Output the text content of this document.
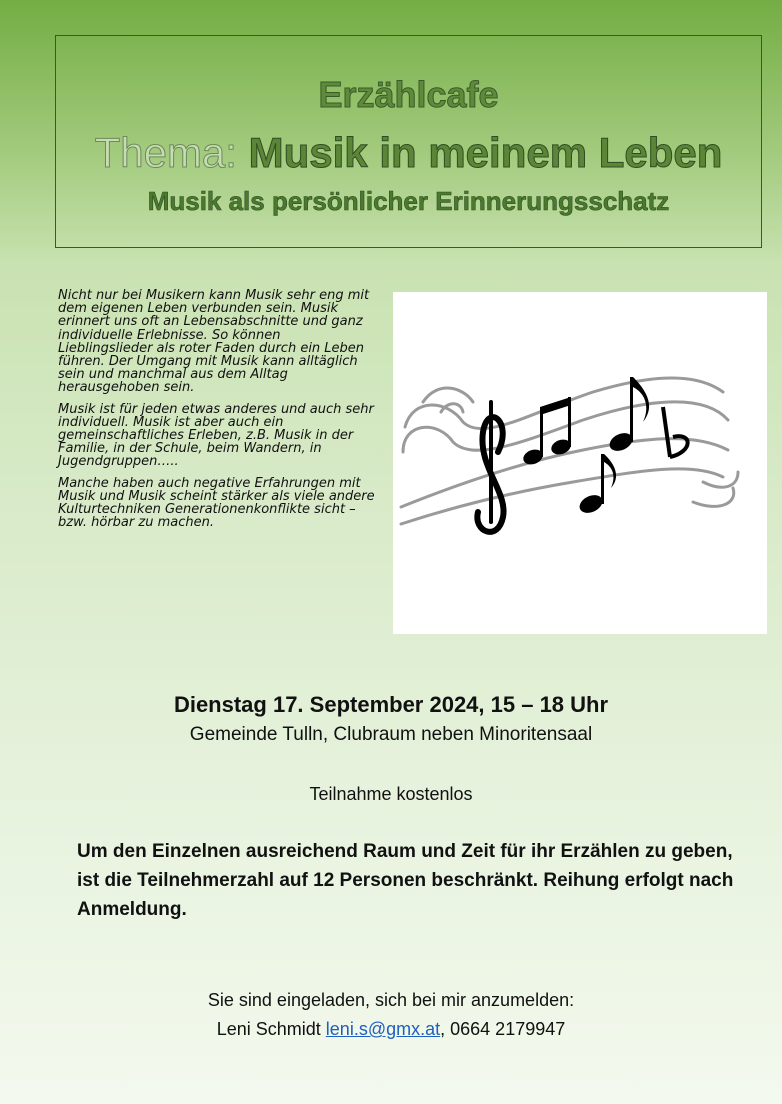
Erzählcafe
Thema: Musik in meinem Leben
Musik als persönlicher Erinnerungsschatz

Nicht nur bei Musikern kann Musik sehr eng mit dem eigenen Leben verbunden sein. Musik erinnert uns oft an Lebensabschnitte und ganz individuelle Erlebnisse. So können Lieblingslieder als roter Faden durch ein Leben führen. Der Umgang mit Musik kann alltäglich sein und manchmal aus dem Alltag herausgehoben sein.

Musik ist für jeden etwas anderes und auch sehr individuell. Musik ist aber auch ein gemeinschaftliches Erleben, z.B. Musik in der Familie, in der Schule, beim Wandern, in Jugendgruppen…..

Manche haben auch negative Erfahrungen mit Musik und Musik scheint stärker als viele andere Kulturtechniken Generationenkonflikte sicht – bzw. hörbar zu machen.

Dienstag 17. September 2024, 15 – 18 Uhr
Gemeinde Tulln, Clubraum neben Minoritensaal
Teilnahme kostenlos
Um den Einzelnen ausreichend Raum und Zeit für ihr Erzählen zu geben, ist die Teilnehmerzahl auf 12 Personen beschränkt. Reihung erfolgt nach Anmeldung.
Sie sind eingeladen, sich bei mir anzumelden:
Leni Schmidt leni.s@gmx.at, 0664 2179947
